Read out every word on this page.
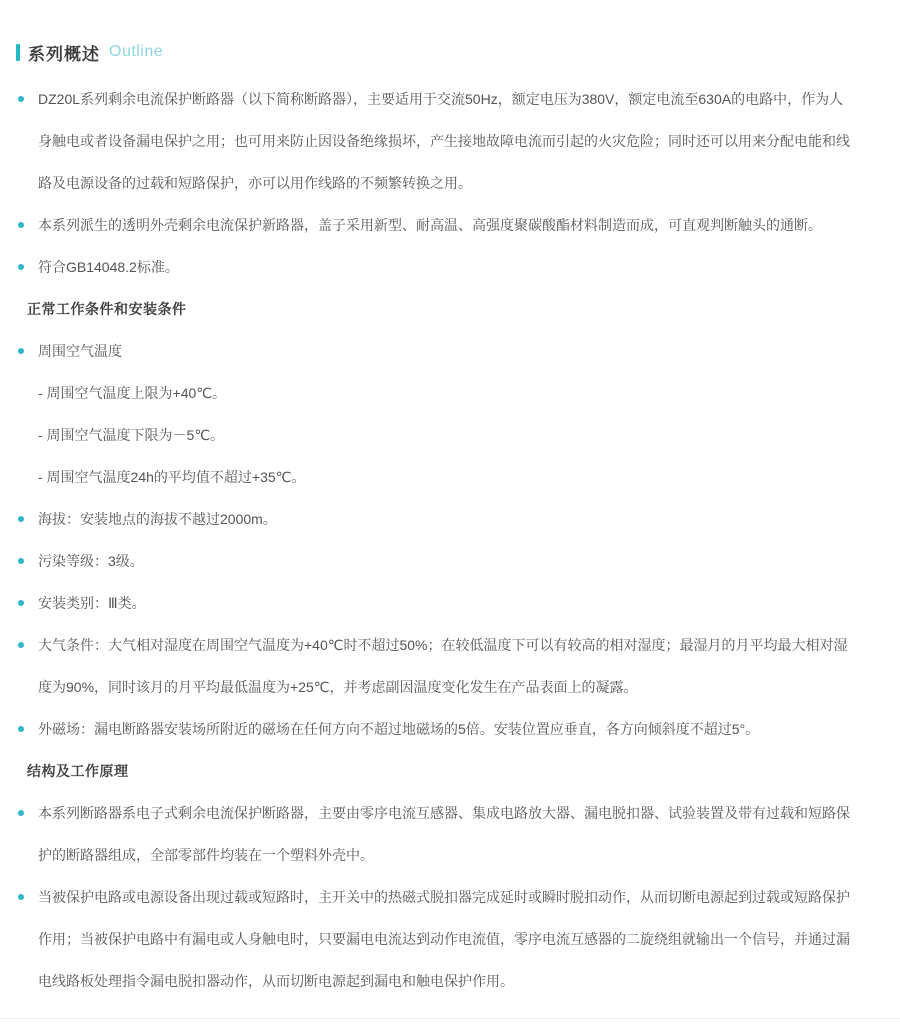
系列概述 Outline
DZ20L系列剩余电流保护断路器（以下简称断路器），主要适用于交流50Hz，额定电压为380V，额定电流至630A的电路中，作为人身触电或者设备漏电保护之用；也可用来防止因设备绝缘损坏，产生接地故障电流而引起的火灾危险；同时还可以用来分配电能和线路及电源设备的过载和短路保护，亦可以用作线路的不频繁转换之用。
本系列派生的透明外壳剩余电流保护新路器，盖子采用新型、耐高温、高强度聚碳酸酯材料制造而成，可直观判断触头的通断。
符合GB14048.2标准。
正常工作条件和安装条件
周围空气温度
- 周围空气温度上限为+40℃。
- 周围空气温度下限为－5℃。
- 周围空气温度24h的平均值不超过+35℃。
海拔：安装地点的海拔不越过2000m。
污染等级：3级。
安装类别：Ⅲ类。
大气条件：大气相对湿度在周围空气温度为+40℃时不超过50%；在较低温度下可以有较高的相对湿度；最湿月的月平均最大相对湿度为90%，同时该月的月平均最低温度为+25℃，并考虑副因温度变化发生在产品表面上的凝露。
外磁场：漏电断路器安装场所附近的磁场在任何方向不超过地磁场的5倍。安装位置应垂直，各方向倾斜度不超过5°。
结构及工作原理
本系列断路器系电子式剩余电流保护断路器，主要由零序电流互感器、集成电路放大器、漏电脱扣器、试验装置及带有过载和短路保护的断路器组成，全部零部件均装在一个塑料外壳中。
当被保护电路或电源设备出现过载或短路时，主开关中的热磁式脱扣器完成延时或瞬时脱扣动作，从而切断电源起到过载或短路保护作用；当被保护电路中有漏电或人身触电时，只要漏电电流达到动作电流值，零序电流互感器的二旋绕组就输出一个信号，并通过漏电线路板处理指令漏电脱扣器动作，从而切断电源起到漏电和触电保护作用。
